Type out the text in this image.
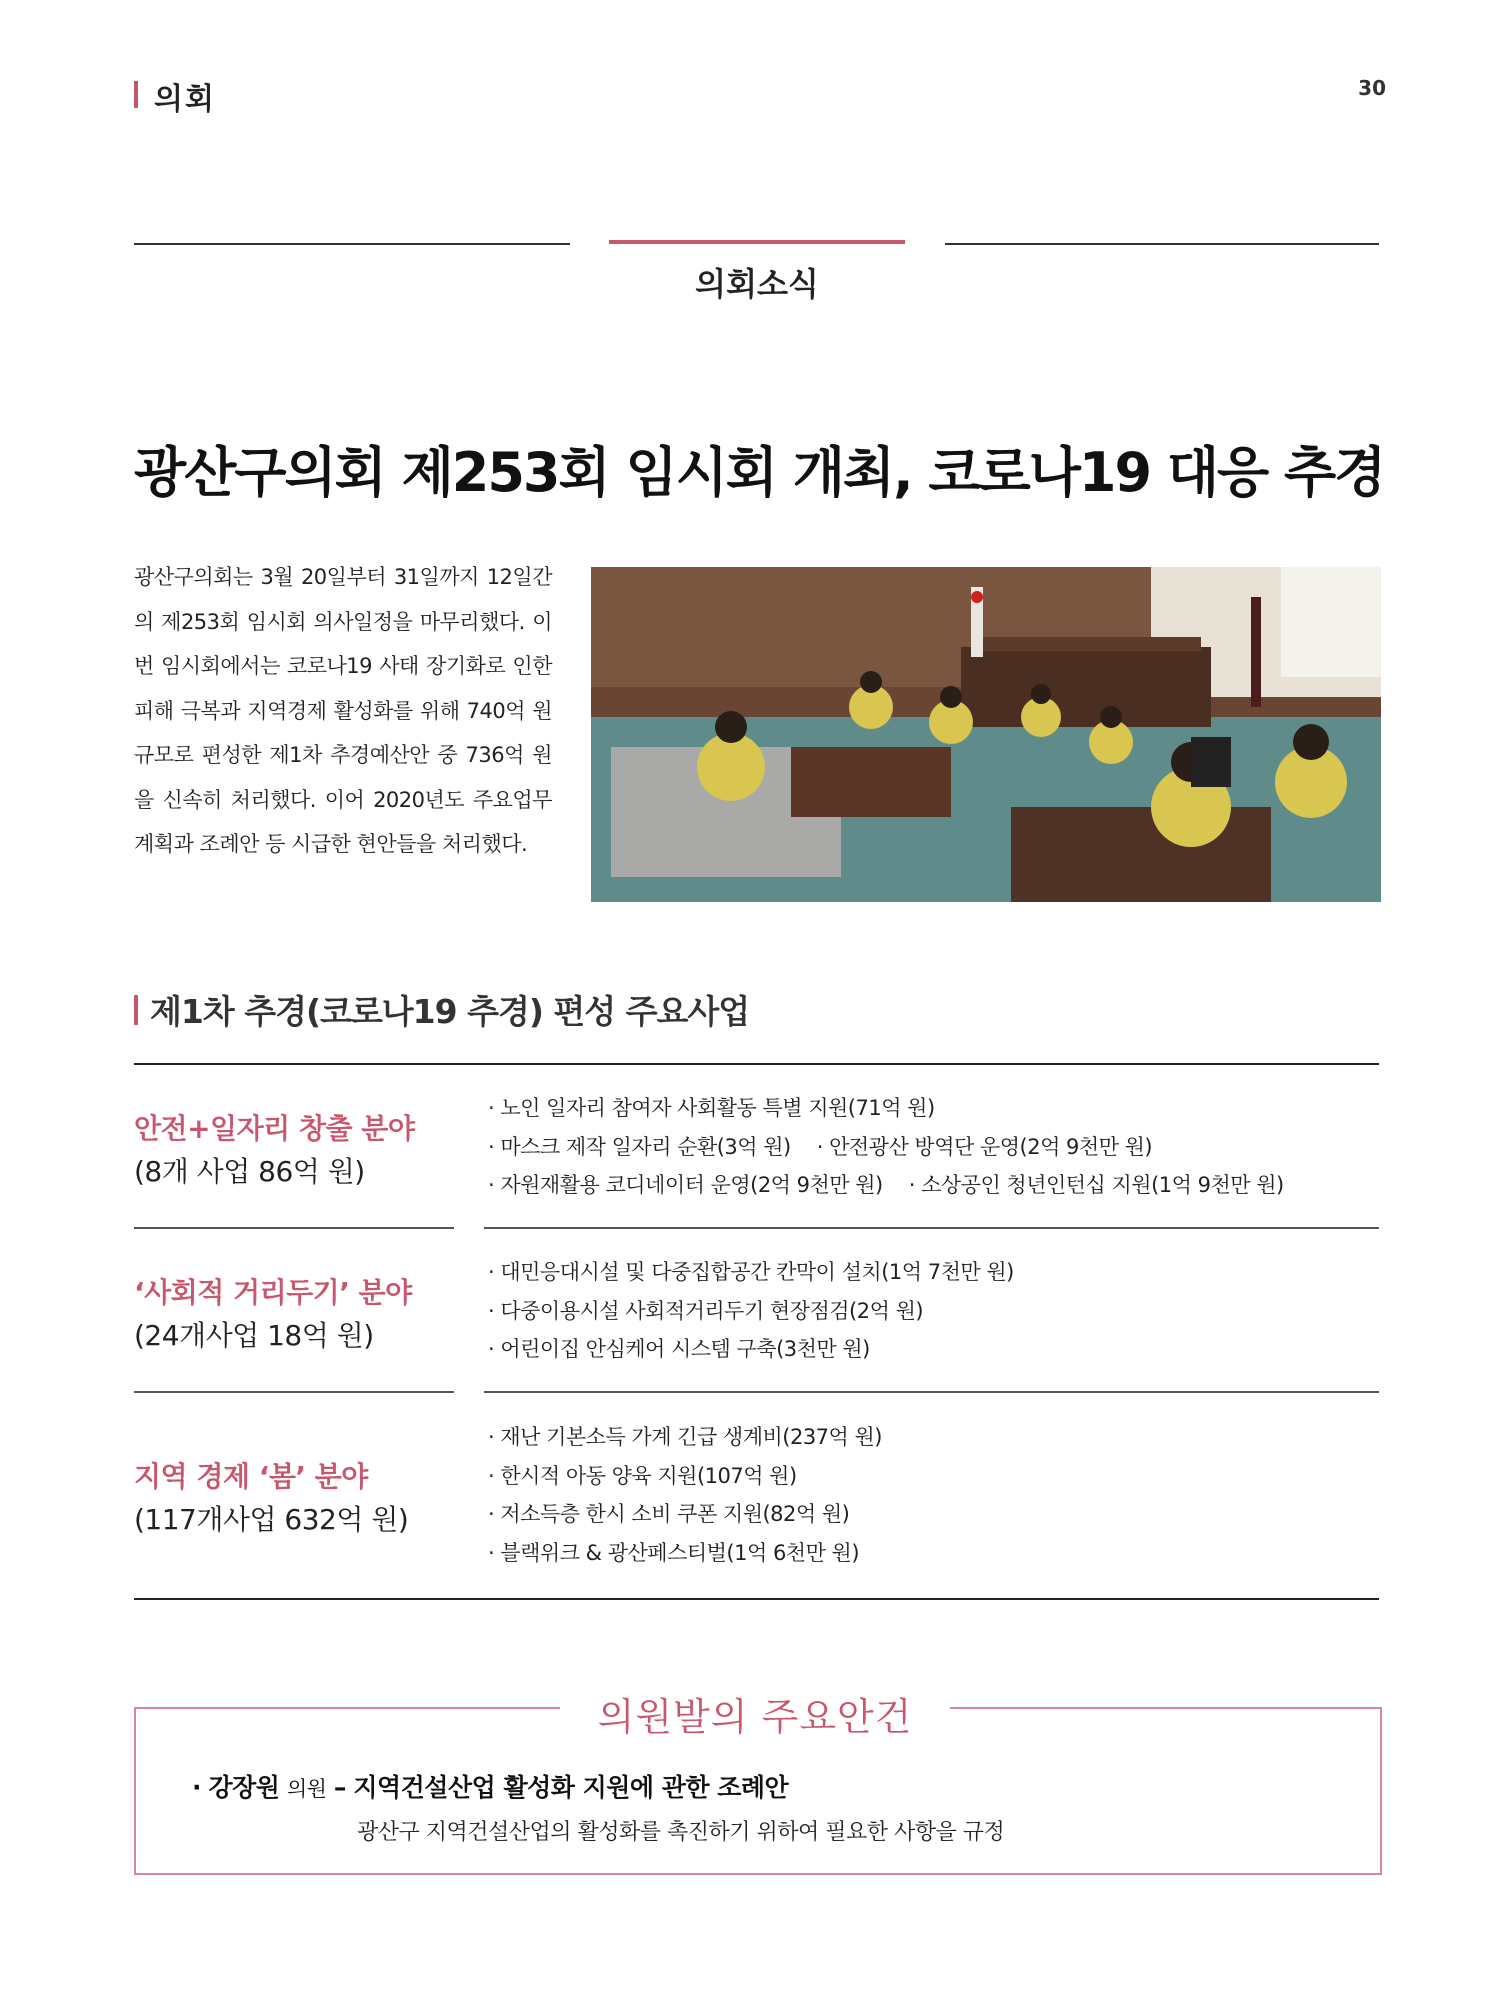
의회	30
의회소식
광산구의회 제253회 임시회 개최, 코로나19 대응 추경
광산구의회는 3월 20일부터 31일까지 12일간의 제253회 임시회 의사일정을 마무리했다. 이번 임시회에서는 코로나19 사태 장기화로 인한 피해 극복과 지역경제 활성화를 위해 740억 원 규모로 편성한 제1차 추경예산안 중 736억 원을 신속히 처리했다. 이어 2020년도 주요업무계획과 조례안 등 시급한 현안들을 처리했다.
제1차 추경(코로나19 추경) 편성 주요사업
안전+일자리 창출 분야
(8개 사업 86억 원)
· 노인 일자리 참여자 사회활동 특별 지원(71억 원)
· 마스크 제작 일자리 순환(3억 원) · 안전광산 방역단 운영(2억 9천만 원)
· 자원재활용 코디네이터 운영(2억 9천만 원) · 소상공인 청년인턴십 지원(1억 9천만 원)
‘사회적 거리두기’ 분야
(24개사업 18억 원)
· 대민응대시설 및 다중집합공간 칸막이 설치(1억 7천만 원)
· 다중이용시설 사회적거리두기 현장점검(2억 원)
· 어린이집 안심케어 시스템 구축(3천만 원)
지역 경제 ‘봄’ 분야
(117개사업 632억 원)
· 재난 기본소득 가계 긴급 생계비(237억 원)
· 한시적 아동 양육 지원(107억 원)
· 저소득층 한시 소비 쿠폰 지원(82억 원)
· 블랙위크 & 광산페스티벌(1억 6천만 원)
의원발의 주요안건
· 강장원 의원 – 지역건설산업 활성화 지원에 관한 조례안
광산구 지역건설산업의 활성화를 촉진하기 위하여 필요한 사항을 규정
